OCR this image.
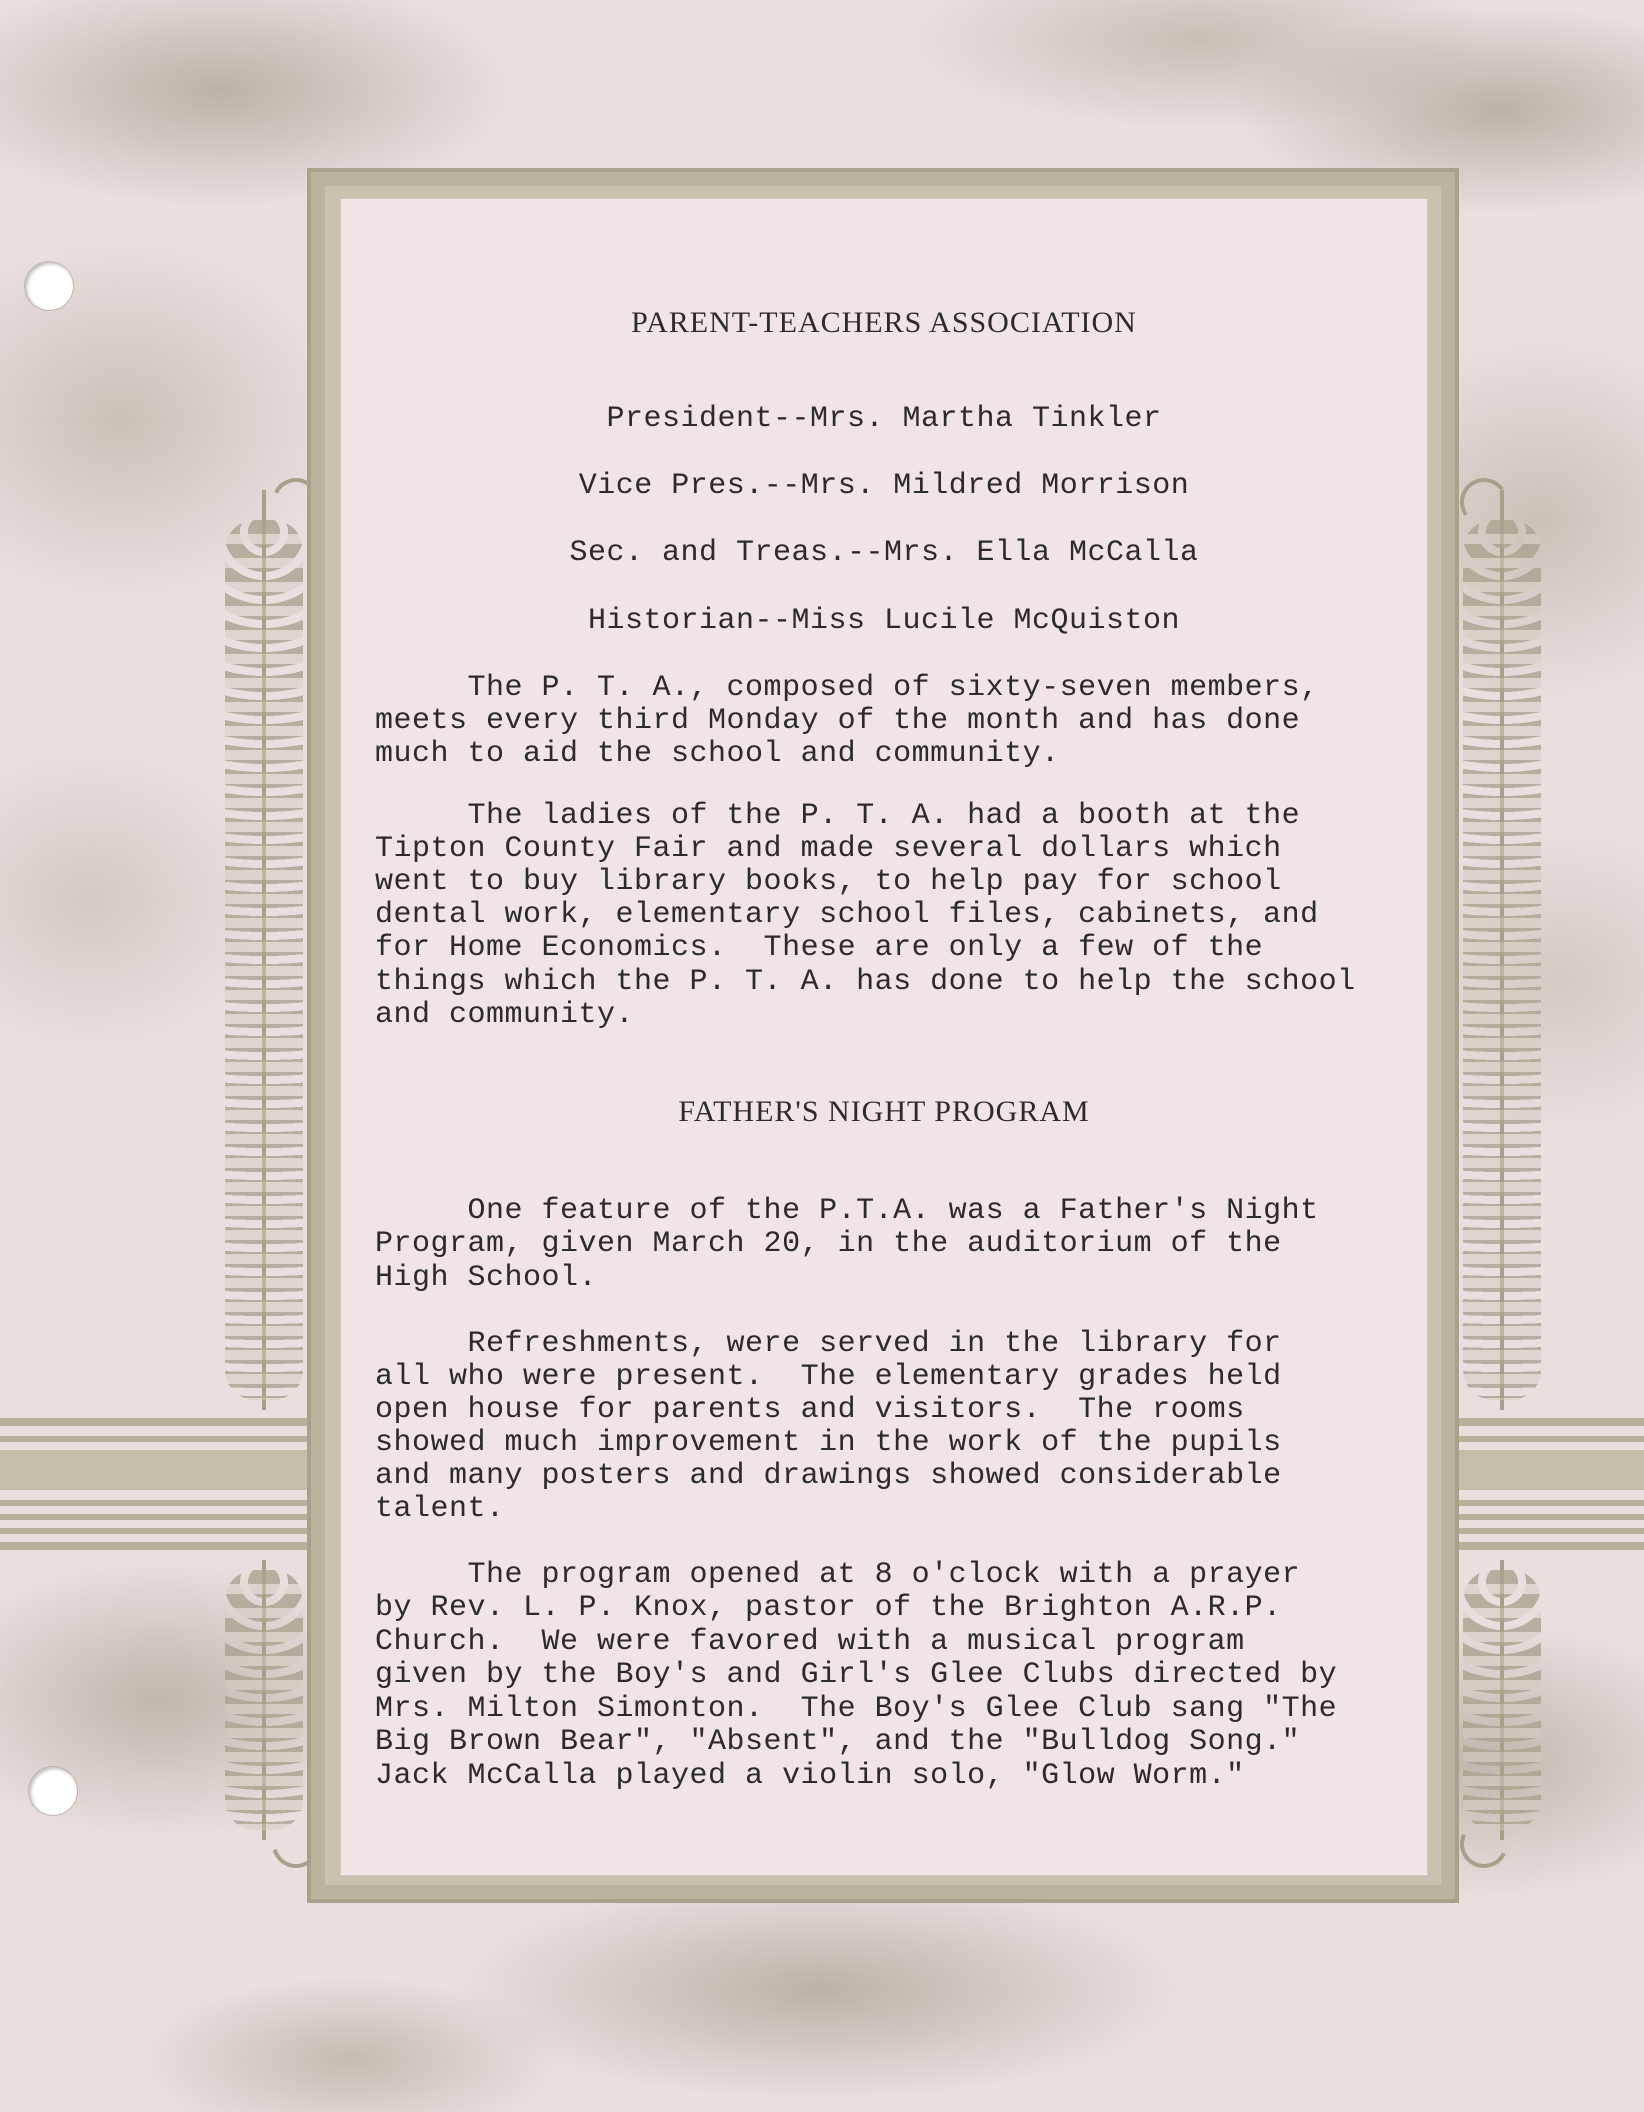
PARENT-TEACHERS ASSOCIATION
President--Mrs. Martha Tinkler
Vice Pres.--Mrs. Mildred Morrison
Sec. and Treas.--Mrs. Ella McCalla
Historian--Miss Lucile McQuiston
The P. T. A., composed of sixty-seven members,
meets every third Monday of the month and has done
much to aid the school and community.
The ladies of the P. T. A. had a booth at the
Tipton County Fair and made several dollars which
went to buy library books, to help pay for school
dental work, elementary school files, cabinets, and
for Home Economics.  These are only a few of the
things which the P. T. A. has done to help the school
and community.
FATHER'S NIGHT PROGRAM
One feature of the P.T.A. was a Father's Night
Program, given March 20, in the auditorium of the
High School.
Refreshments, were served in the library for
all who were present.  The elementary grades held
open house for parents and visitors.  The rooms
showed much improvement in the work of the pupils
and many posters and drawings showed considerable
talent.
The program opened at 8 o'clock with a prayer
by Rev. L. P. Knox, pastor of the Brighton A.R.P.
Church.  We were favored with a musical program
given by the Boy's and Girl's Glee Clubs directed by
Mrs. Milton Simonton.  The Boy's Glee Club sang "The
Big Brown Bear", "Absent", and the "Bulldog Song."
Jack McCalla played a violin solo, "Glow Worm."
